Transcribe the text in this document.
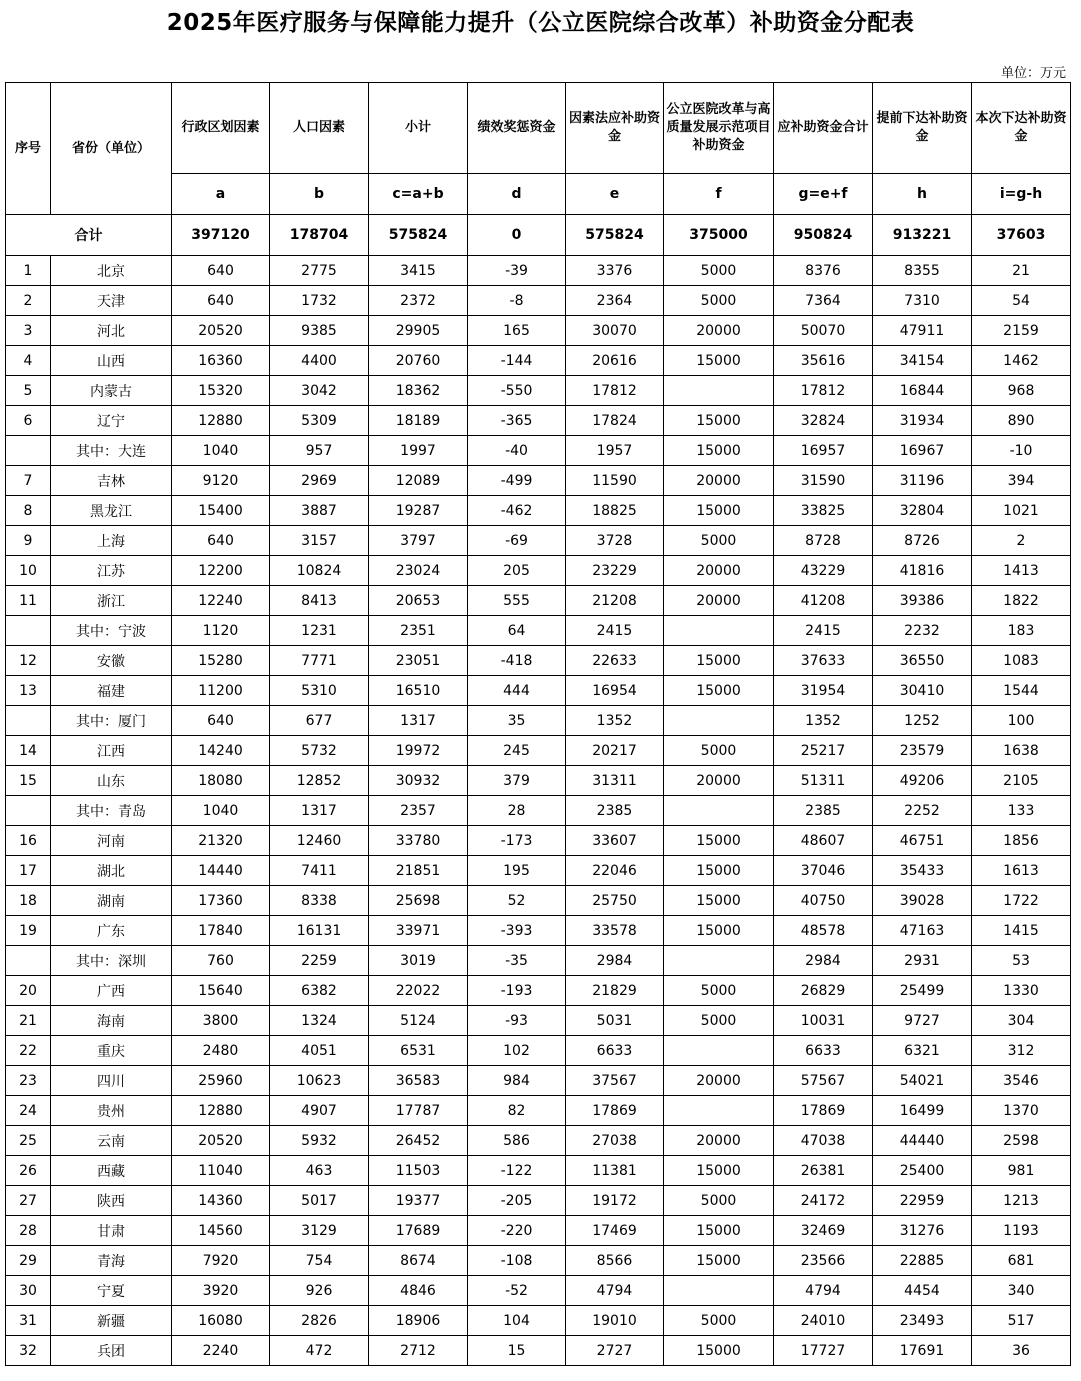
2025年医疗服务与保障能力提升（公立医院综合改革）补助资金分配表
单位：万元
序号	省份（单位）	行政区划因素	人口因素	小计	绩效奖惩资金	因素法应补助资金	公立医院改革与高质量发展示范项目补助资金	应补助资金合计	提前下达补助资金	本次下达补助资金
		a	b	c=a+b	d	e	f	g=e+f	h	i=g-h
合计		397120	178704	575824	0	575824	375000	950824	913221	37603
1	北京	640	2775	3415	-39	3376	5000	8376	8355	21
2	天津	640	1732	2372	-8	2364	5000	7364	7310	54
3	河北	20520	9385	29905	165	30070	20000	50070	47911	2159
4	山西	16360	4400	20760	-144	20616	15000	35616	34154	1462
5	内蒙古	15320	3042	18362	-550	17812		17812	16844	968
6	辽宁	12880	5309	18189	-365	17824	15000	32824	31934	890
	其中：大连	1040	957	1997	-40	1957	15000	16957	16967	-10
7	吉林	9120	2969	12089	-499	11590	20000	31590	31196	394
8	黑龙江	15400	3887	19287	-462	18825	15000	33825	32804	1021
9	上海	640	3157	3797	-69	3728	5000	8728	8726	2
10	江苏	12200	10824	23024	205	23229	20000	43229	41816	1413
11	浙江	12240	8413	20653	555	21208	20000	41208	39386	1822
	其中：宁波	1120	1231	2351	64	2415		2415	2232	183
12	安徽	15280	7771	23051	-418	22633	15000	37633	36550	1083
13	福建	11200	5310	16510	444	16954	15000	31954	30410	1544
	其中：厦门	640	677	1317	35	1352		1352	1252	100
14	江西	14240	5732	19972	245	20217	5000	25217	23579	1638
15	山东	18080	12852	30932	379	31311	20000	51311	49206	2105
	其中：青岛	1040	1317	2357	28	2385		2385	2252	133
16	河南	21320	12460	33780	-173	33607	15000	48607	46751	1856
17	湖北	14440	7411	21851	195	22046	15000	37046	35433	1613
18	湖南	17360	8338	25698	52	25750	15000	40750	39028	1722
19	广东	17840	16131	33971	-393	33578	15000	48578	47163	1415
	其中：深圳	760	2259	3019	-35	2984		2984	2931	53
20	广西	15640	6382	22022	-193	21829	5000	26829	25499	1330
21	海南	3800	1324	5124	-93	5031	5000	10031	9727	304
22	重庆	2480	4051	6531	102	6633		6633	6321	312
23	四川	25960	10623	36583	984	37567	20000	57567	54021	3546
24	贵州	12880	4907	17787	82	17869		17869	16499	1370
25	云南	20520	5932	26452	586	27038	20000	47038	44440	2598
26	西藏	11040	463	11503	-122	11381	15000	26381	25400	981
27	陕西	14360	5017	19377	-205	19172	5000	24172	22959	1213
28	甘肃	14560	3129	17689	-220	17469	15000	32469	31276	1193
29	青海	7920	754	8674	-108	8566	15000	23566	22885	681
30	宁夏	3920	926	4846	-52	4794		4794	4454	340
31	新疆	16080	2826	18906	104	19010	5000	24010	23493	517
32	兵团	2240	472	2712	15	2727	15000	17727	17691	36
